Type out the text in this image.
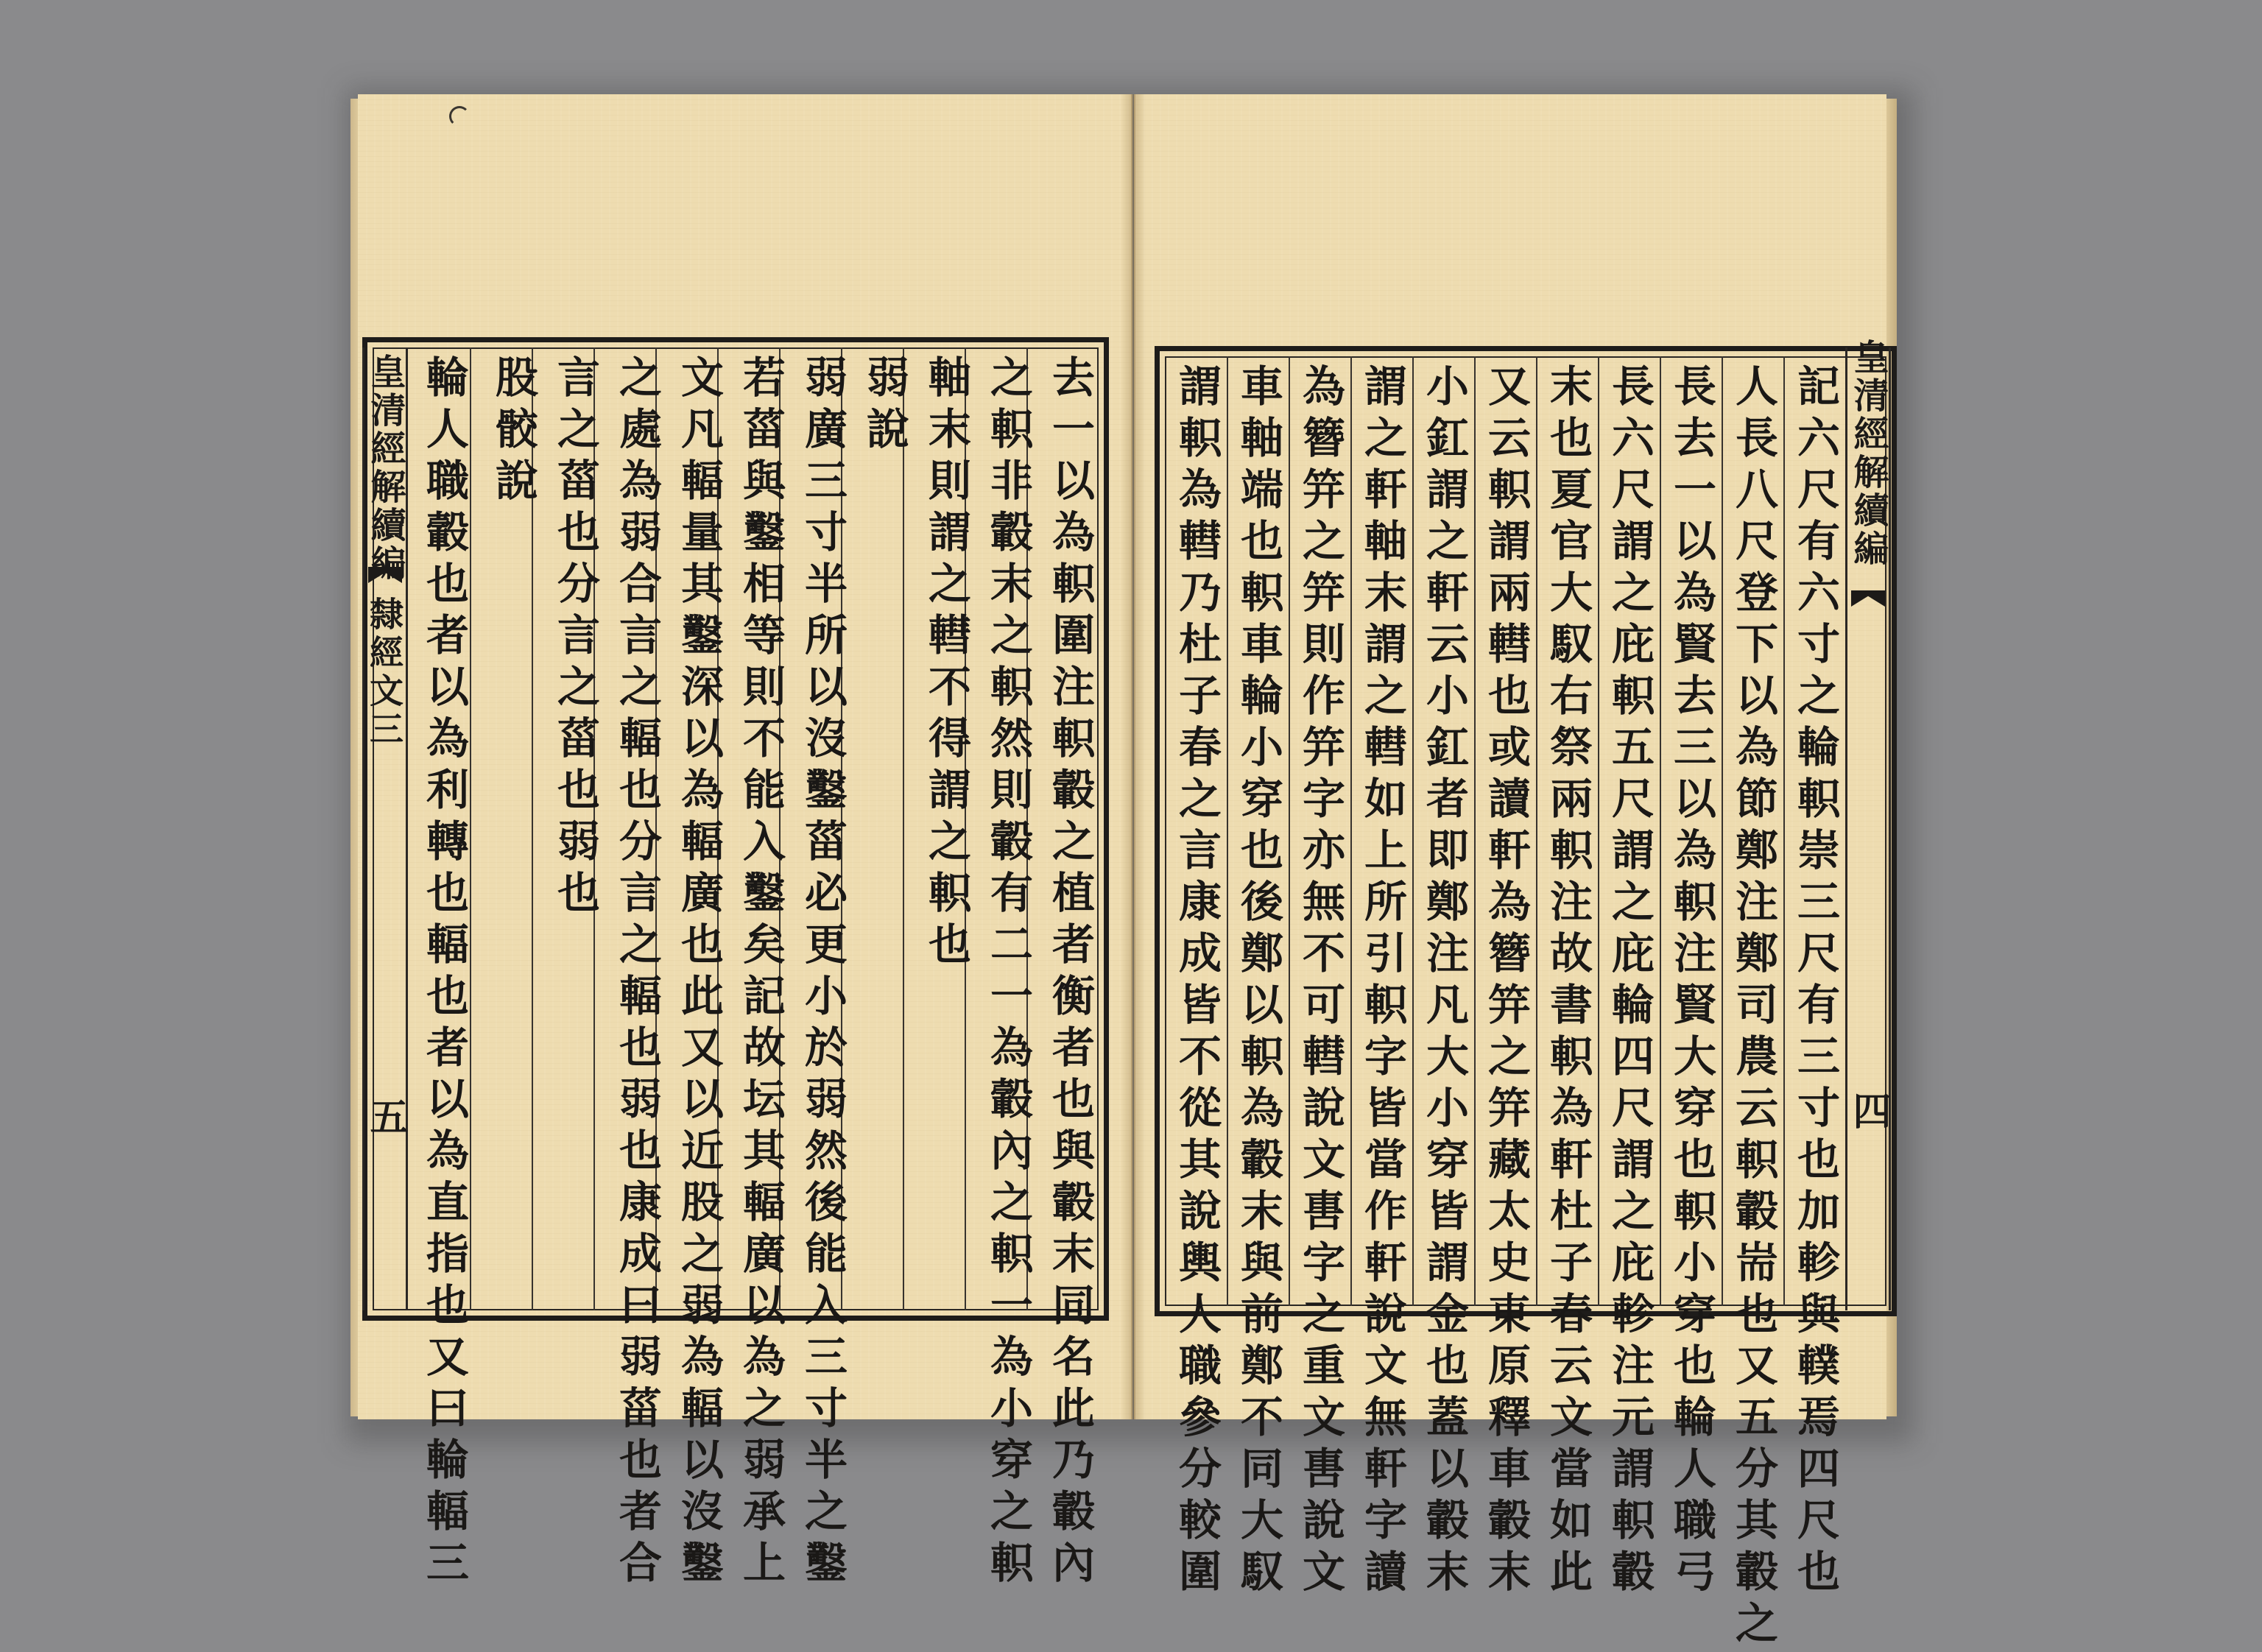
皇清經解續編
隸經文三
五	去一以為軹圍注軹轂之植者衡者也與轂末同名此乃轂內
之軹非轂末之軹然則轂有二一為轂內之軹一為小穿之軹
軸末則謂之轊不得謂之軹也
弱說
弱廣三寸半所以沒鑿菑必更小於弱然後能入三寸半之鑿
若菑與鑿相等則不能入鑿矣記故坛其輻廣以為之弱承上
文凡輻量其鑿深以為輻廣也此又以近股之弱為輻以沒鑿
之處為弱合言之輻也分言之輻也弱也康成曰弱菑也者合
言之菑也分言之菑也弱也
股骹說
輪人職轂也者以為利轉也輻也者以為直指也又曰輪輻三	皇清經解續編
四
記六尺有六寸之輪軹崇三尺有三寸也加軫與轐焉四尺也
人長八尺登下以為節鄭注鄭司農云軹轂耑也又五分其轂之
長去一以為賢去三以為軹注賢大穿也軹小穿也輪人職弓
長六尺謂之庇軹五尺謂之庇輪四尺謂之庇軫注元謂軹轂
末也夏官大馭右祭兩軹注故書軹為軒杜子春云文當如此
又云軹謂兩轊也或讀軒為簪笄之笄藏太史東原釋車轂末
小釭謂之軒云小釭者即鄭注凡大小穿皆謂金也蓋以轂末
謂之軒軸末謂之轊如上所引軹字皆當作軒說文無軒字讀
為簪笄之笄則作笄字亦無不可轊說文軎字之重文軎說文
車軸端也軹車輪小穿也後鄭以軹為轂末與前鄭不同大馭
謂軹為轊乃杜子春之言康成皆不從其說輿人職參分較圍
